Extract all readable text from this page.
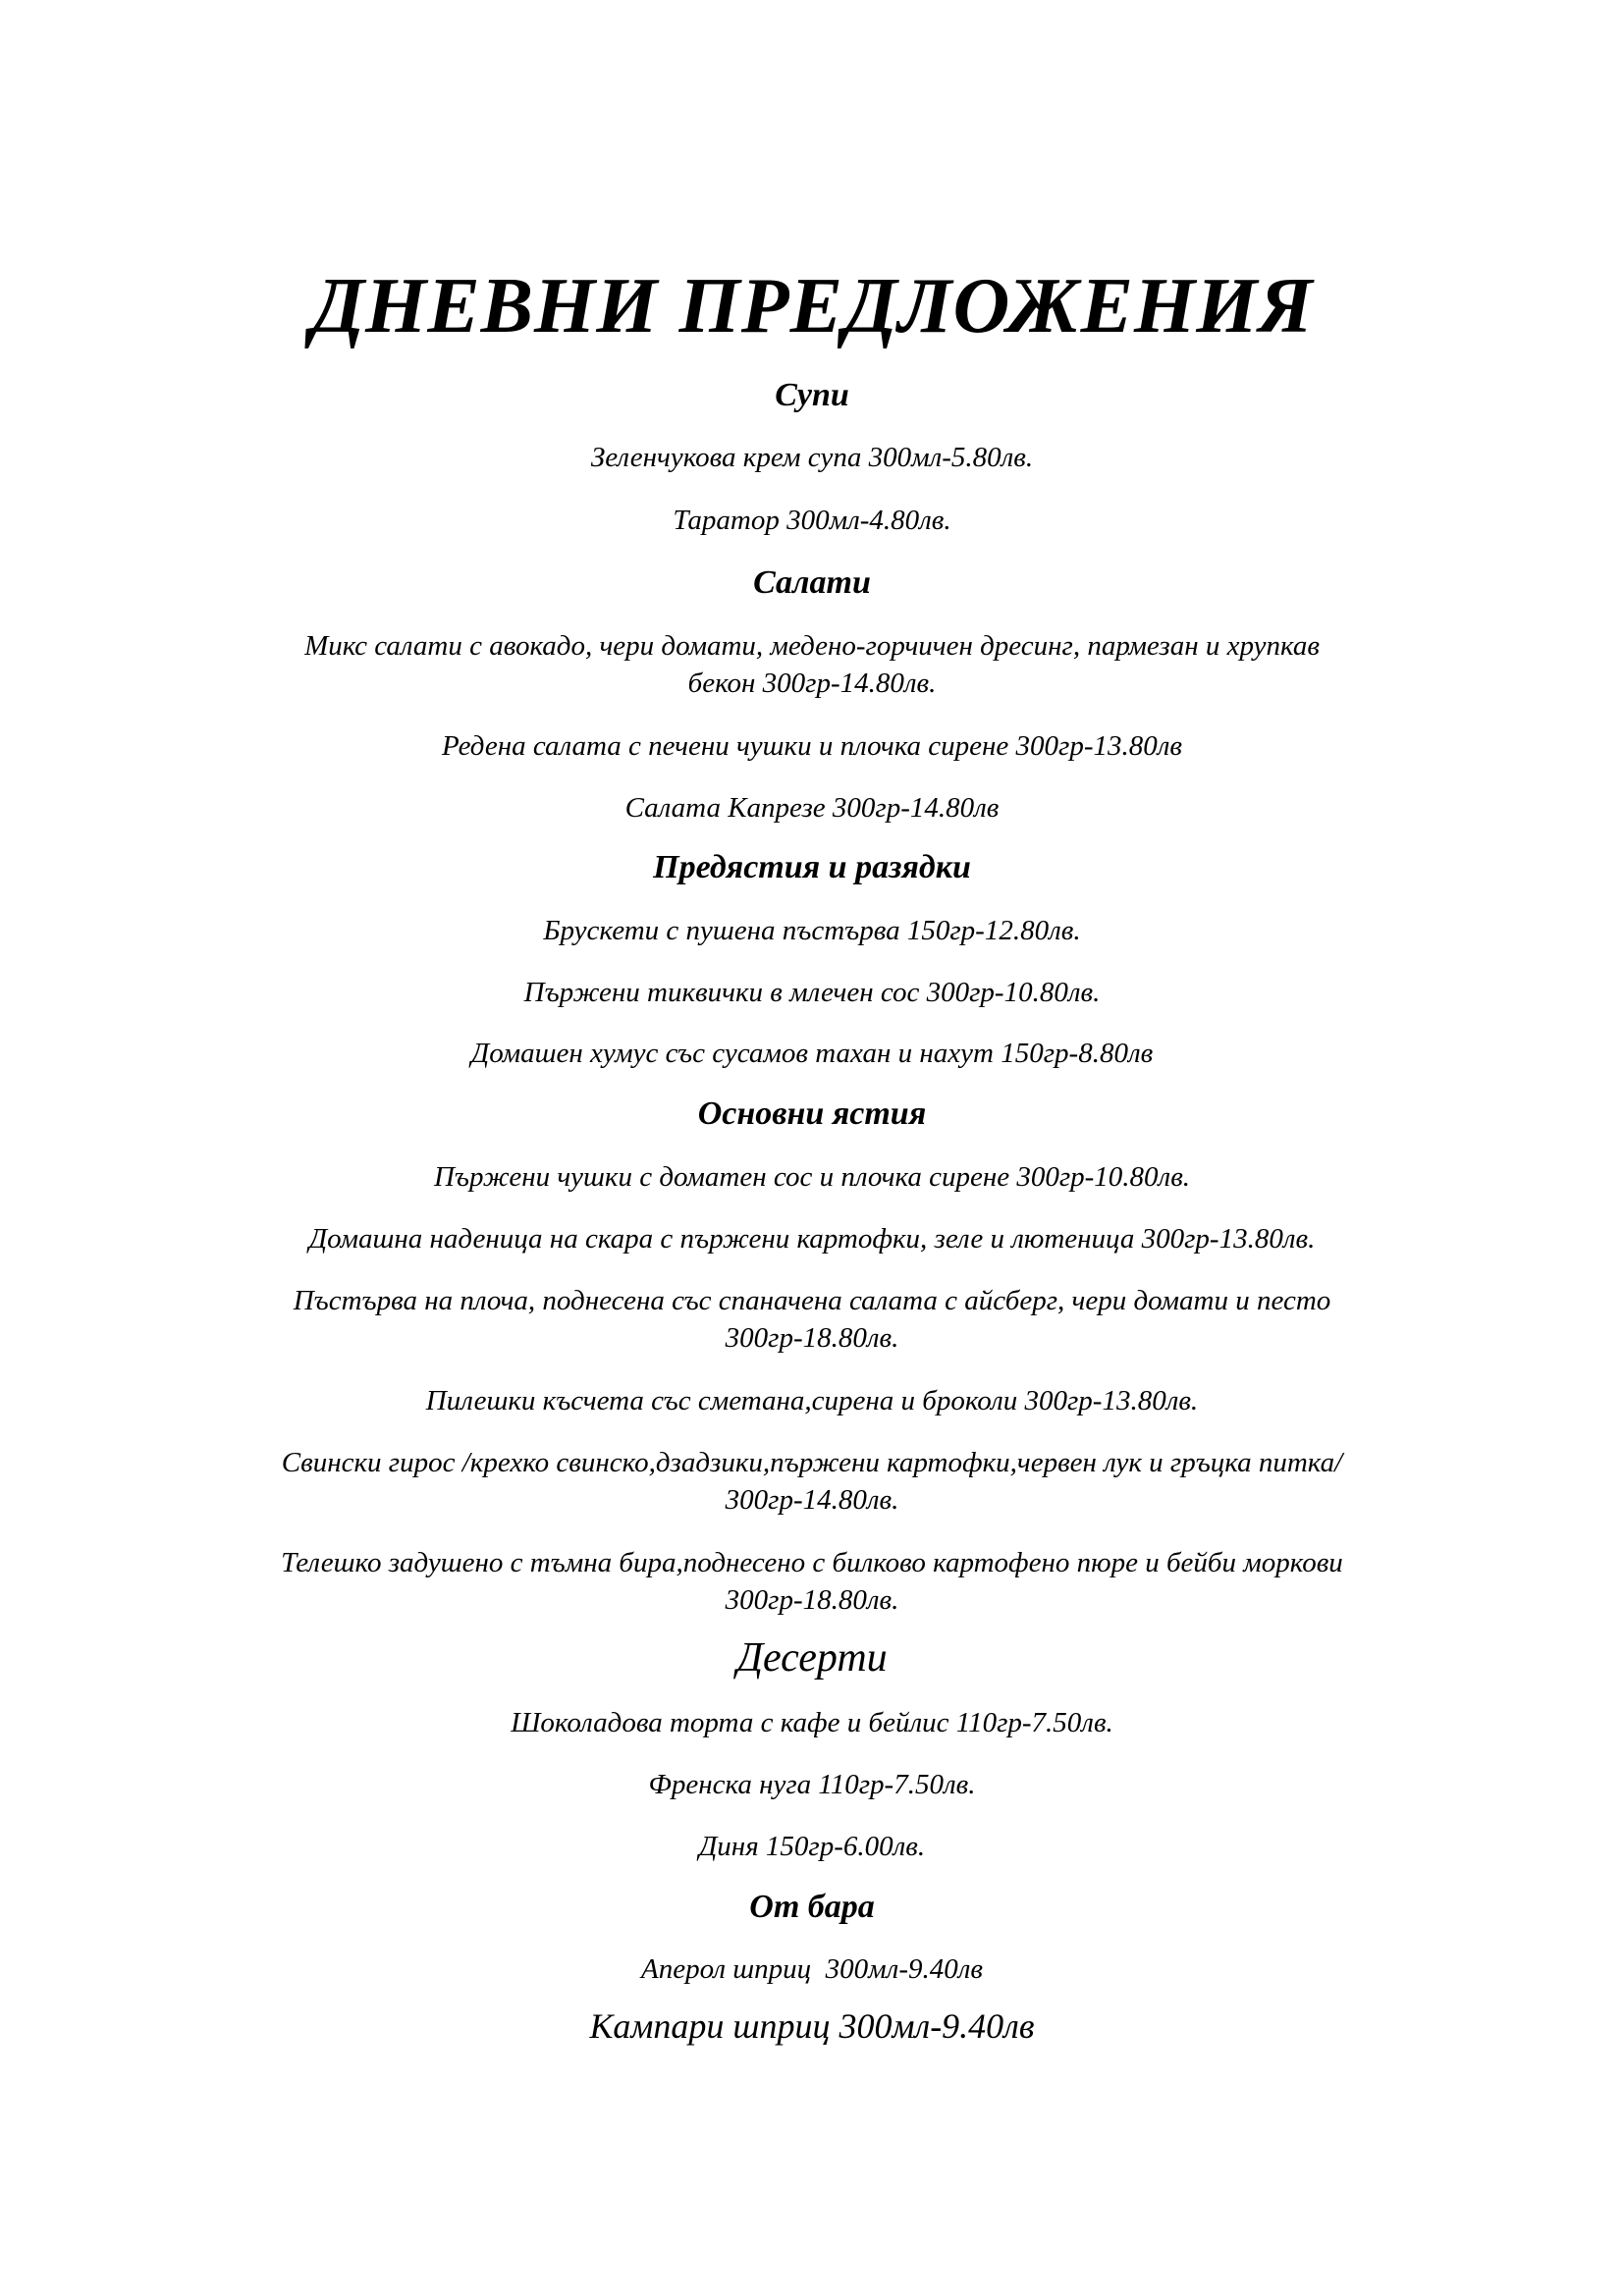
ДНЕВНИ ПРЕДЛОЖЕНИЯ
Супи
Зеленчукова крем супа 300мл-5.80лв.
Таратор 300мл-4.80лв.
Салати
Микс салати с авокадо, чери домати, медено-горчичен дресинг, пармезан и хрупкав
бекон 300гр-14.80лв.
Редена салата с печени чушки и плочка сирене 300гр-13.80лв
Салата Капрезе 300гр-14.80лв
Предястия и разядки
Брускети с пушена пъстърва 150гр-12.80лв.
Пържени тиквички в млечен сос 300гр-10.80лв.
Домашен хумус със сусамов тахан и нахут 150гр-8.80лв
Основни ястия
Пържени чушки с доматен сос и плочка сирене 300гр-10.80лв.
Домашна наденица на скара с пържени картофки, зеле и лютеница 300гр-13.80лв.
Пъстърва на плоча, поднесена със спаначена салата с айсберг, чери домати и песто
300гр-18.80лв.
Пилешки късчета със сметана,сирена и броколи 300гр-13.80лв.
Свински гирос /крехко свинско,дзадзики,пържени картофки,червен лук и гръцка питка/
300гр-14.80лв.
Телешко задушено с тъмна бира,поднесено с билково картофено пюре и бейби моркови
300гр-18.80лв.
Десерти
Шоколадова торта с кафе и бейлис 110гр-7.50лв.
Френска нуга 110гр-7.50лв.
Диня 150гр-6.00лв.
От бара
Аперол шприц  300мл-9.40лв
Кампари шприц 300мл-9.40лв
